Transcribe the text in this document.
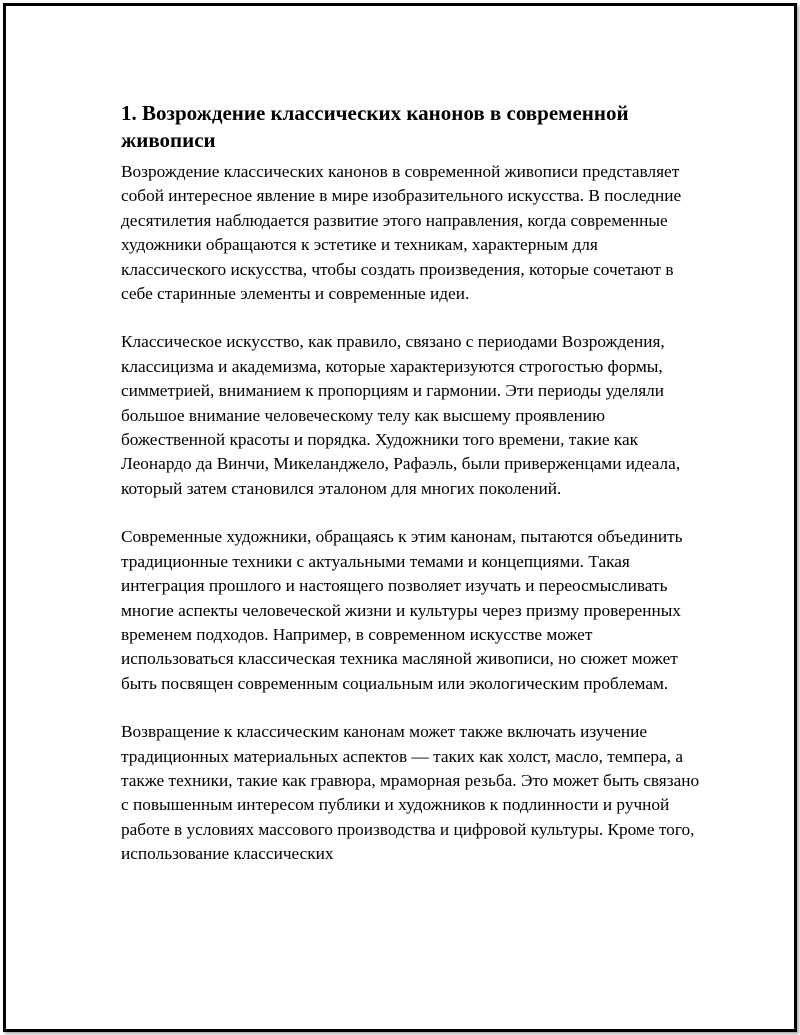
1. Возрождение классических канонов в современной живописи

Возрождение классических канонов в современной живописи представляет собой интересное явление в мире изобразительного искусства. В последние десятилетия наблюдается развитие этого направления, когда современные художники обращаются к эстетике и техникам, характерным для классического искусства, чтобы создать произведения, которые сочетают в себе старинные элементы и современные идеи.

Классическое искусство, как правило, связано с периодами Возрождения, классицизма и академизма, которые характеризуются строгостью формы, симметрией, вниманием к пропорциям и гармонии. Эти периоды уделяли большое внимание человеческому телу как высшему проявлению божественной красоты и порядка. Художники того времени, такие как Леонардо да Винчи, Микеланджело, Рафаэль, были приверженцами идеала, который затем становился эталоном для многих поколений.

Современные художники, обращаясь к этим канонам, пытаются объединить традиционные техники с актуальными темами и концепциями. Такая интеграция прошлого и настоящего позволяет изучать и переосмысливать многие аспекты человеческой жизни и культуры через призму проверенных временем подходов. Например, в современном искусстве может использоваться классическая техника масляной живописи, но сюжет может быть посвящен современным социальным или экологическим проблемам.

Возвращение к классическим канонам может также включать изучение традиционных материальных аспектов — таких как холст, масло, темпера, а также техники, такие как гравюра, мраморная резьба. Это может быть связано с повышенным интересом публики и художников к подлинности и ручной работе в условиях массового производства и цифровой культуры. Кроме того, использование классических
